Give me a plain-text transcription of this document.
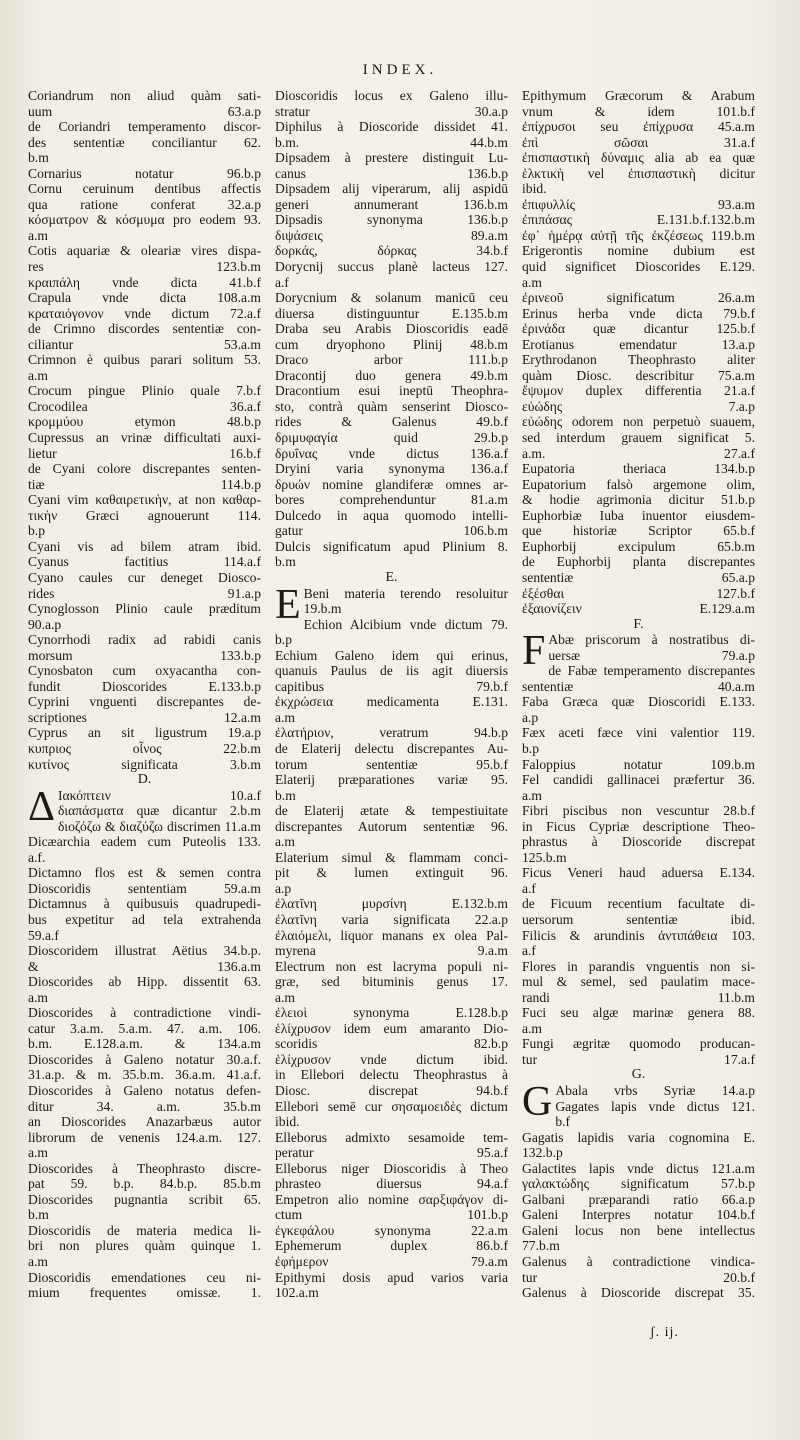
INDEX.

Coriandrum non aliud quàm sati-

uum 63.a.p

de Coriandri temperamento discor-

des sententiæ conciliantur 62.

b.m

Cornarius notatur 96.b.p

Cornu ceruinum dentibus affectis

qua ratione conferat 32.a.p

κόσματρον & κόσμυμα pro eodem 93.

a.m

Cotis aquariæ & oleariæ vires dispa-

res 123.b.m

κραιπάλη vnde dicta 41.b.f

Crapula vnde dicta 108.a.m

κραταιόγονον vnde dictum 72.a.f

de Crimno discordes sententiæ con-

ciliantur 53.a.m

Crimnon è quibus parari solitum 53.

a.m

Crocum pingue Plinio quale 7.b.f

Crocodilea 36.a.f

κρομμύου etymon 48.b.p

Cupressus an vrinæ difficultati auxi-

lietur 16.b.f

de Cyani colore discrepantes senten-

tiæ 114.b.p

Cyani vim καθαιρετικὴν, at non καθαρ-

τικὴν Græci agnouerunt 114.

b.p

Cyani vis ad bilem atram ibid.

Cyanus factitius 114.a.f

Cyano caules cur deneget Diosco-

rides 91.a.p

Cynoglosson Plinio caule præditum

90.a.p

Cynorrhodi radix ad rabidi canis

morsum 133.b.p

Cynosbaton cum oxyacantha con-

fundit Dioscorides E.133.b.p

Cyprini vnguenti discrepantes de-

scriptiones 12.a.m

Cyprus an sit ligustrum 19.a.p

κυπριος οἶνος 22.b.m

κυτίνος significata 3.b.m

D.

ΔΙακόπτειν 10.a.f

διαπάσματα quæ dicantur 2.b.m

διοζόζω & διαζύζω discrimen 11.a.m

Dicæarchia eadem cum Puteolis 133.

a.f.

Dictamno flos est & semen contra

Dioscoridis sententiam 59.a.m

Dictamnus à quibusuis quadrupedi-

bus expetitur ad tela extrahenda

59.a.f

Dioscoridem illustrat Aëtius 34.b.p.

& 136.a.m

Dioscorides ab Hipp. dissentit 63.

a.m

Dioscorides à contradictione vindi-

catur 3.a.m. 5.a.m. 47. a.m. 106.

b.m. E.128.a.m. & 134.a.m

Dioscorides à Galeno notatur 30.a.f.

31.a.p. & m. 35.b.m. 36.a.m. 41.a.f.

Dioscorides à Galeno notatus defen-

ditur 34. a.m. 35.b.m

an Dioscorides Anazarbæus autor

librorum de venenis 124.a.m. 127.

a.m

Dioscorides à Theophrasto discre-

pat 59. b.p. 84.b.p. 85.b.m

Dioscorides pugnantia scribit 65.

b.m

Dioscoridis de materia medica li-

bri non plures quàm quinque 1.

a.m

Dioscoridis emendationes ceu ni-

mium frequentes omissæ. 1.

Dioscoridis locus ex Galeno illu-

stratur 30.a.p

Diphilus à Dioscoride dissidet 41.

b.m. 44.b.m

Dipsadem à prestere distinguit Lu-

canus 136.b.p

Dipsadem alij viperarum, alij aspidū

generi annumerant 136.b.m

Dipsadis synonyma 136.b.p

διψάσεις 89.a.m

δορκάς, δόρκας 34.b.f

Dorycnij succus planè lacteus 127.

a.f

Dorycnium & solanum manicū ceu

diuersa distinguuntur E.135.b.m

Draba seu Arabis Dioscoridis eadē

cum dryophono Plinij 48.b.m

Draco arbor 111.b.p

Dracontij duo genera 49.b.m

Dracontium esui ineptū Theophra-

sto, contrà quàm senserint Diosco-

rides & Galenus 49.b.f

δριμυφαγία quid 29.b.p

δρυΐνας vnde dictus 136.a.f

Dryini varia synonyma 136.a.f

δρυών nomine glandiferæ omnes ar-

bores comprehenduntur 81.a.m

Dulcedo in aqua quomodo intelli-

gatur 106.b.m

Dulcis significatum apud Plinium 8.

b.m

E.

EBeni materia terendo resoluitur

19.b.m

Echion Alcibium vnde dictum 79.

b.p

Echium Galeno idem qui erinus,

quanuis Paulus de iis agit diuersis

capitibus 79.b.f

ἐκχρώσεια medicamenta E.131.

a.m

ἐλατήριον, veratrum 94.b.p

de Elaterij delectu discrepantes Au-

torum sententiæ 95.b.f

Elaterij præparationes variæ 95.

b.m

de Elaterij ætate & tempestiuitate

discrepantes Autorum sententiæ 96.

a.m

Elaterium simul & flammam conci-

pit & lumen extinguit 96.

a.p

ἐλατῖνη μυρσίνη E.132.b.m

ἐλατῖνη varia significata 22.a.p

ἐλαιόμελι, liquor manans ex olea Pal-

myrena 9.a.m

Electrum non est lacryma populi ni-

græ, sed bituminis genus 17.

a.m

ἐλειοὶ synonyma E.128.b.p

ἑλίχρυσον idem eum amaranto Dio-

scoridis 82.b.p

ἑλίχρυσον vnde dictum ibid.

in Ellebori delectu Theophrastus à

Diosc. discrepat 94.b.f

Ellebori semē cur σησαμοειδὲς dictum

ibid.

Elleborus admixto sesamoide tem-

peratur 95.a.f

Elleborus niger Dioscoridis à Theo

phrasteo diuersus 94.a.f

Empetron alio nomine σαρξιφάγον di-

ctum 101.b.p

ἐγκεφάλου synonyma 22.a.m

Ephemerum duplex 86.b.f

ἐφήμερον 79.a.m

Epithymi dosis apud varios varia

102.a.m

Epithymum Græcorum & Arabum

vnum & idem 101.b.f

ἐπίχρυσοι seu ἐπίχρυσα 45.a.m

ἐπὶ σῶσαι 31.a.f

ἐπισπαστικὴ δύναμις alia ab ea quæ

ἑλκτικὴ vel ἐπισπαστικὴ dicitur

ibid.

ἐπιφυλλίς 93.a.m

ἐπιπάσας E.131.b.f.132.b.m

ἐφ᾽ ἡμέρᾳ αὐτῇ τῆς ἐκζέσεως 119.b.m

Erigerontis nomine dubium est

quid significet Dioscorides E.129.

a.m

ἐρινεοῦ significatum 26.a.m

Erinus herba vnde dicta 79.b.f

ἐρινάδα quæ dicantur 125.b.f

Erotianus emendatur 13.a.p

Erythrodanon Theophrasto aliter

quàm Diosc. describitur 75.a.m

ἔψυμον duplex differentia 21.a.f

εὐώδης 7.a.p

εὐώδης odorem non perpetuò suauem,

sed interdum grauem significat 5.

a.m. 27.a.f

Eupatoria theriaca 134.b.p

Eupatorium falsò argemone olim,

& hodie agrimonia dicitur 51.b.p

Euphorbiæ Iuba inuentor eiusdem-

que historiæ Scriptor 65.b.f

Euphorbij excipulum 65.b.m

de Euphorbij planta discrepantes

sententiæ 65.a.p

ἐξέσθαι 127.b.f

ἐξαιονίζειν E.129.a.m

F.

FAbæ priscorum à nostratibus di-

uersæ 79.a.p

de Fabæ temperamento discrepantes

sententiæ 40.a.m

Faba Græca quæ Dioscoridi E.133.

a.p

Fæx aceti fæce vini valentior 119.

b.p

Faloppius notatur 109.b.m

Fel candidi gallinacei præfertur 36.

a.m

Fibri piscibus non vescuntur 28.b.f

in Ficus Cypriæ descriptione Theo-

phrastus à Dioscoride discrepat

125.b.m

Ficus Veneri haud aduersa E.134.

a.f

de Ficuum recentium facultate di-

uersorum sententiæ ibid.

Filicis & arundinis ἀντιπάθεια 103.

a.f

Flores in parandis vnguentis non si-

mul & semel, sed paulatim mace-

randi 11.b.m

Fuci seu algæ marinæ genera 88.

a.m

Fungi ægritæ quomodo producan-

tur 17.a.f

G.

GAbala vrbs Syriæ 14.a.p

Gagates lapis vnde dictus 121.

b.f

Gagatis lapidis varia cognomina E.

132.b.p

Galactites lapis vnde dictus 121.a.m

γαλακτώδης significatum 57.b.p

Galbani præparandi ratio 66.a.p

Galeni Interpres notatur 104.b.f

Galeni locus non bene intellectus

77.b.m

Galenus à contradictione vindica-

tur 20.b.f

Galenus à Dioscoride discrepat 35.

ʃ. ij.
